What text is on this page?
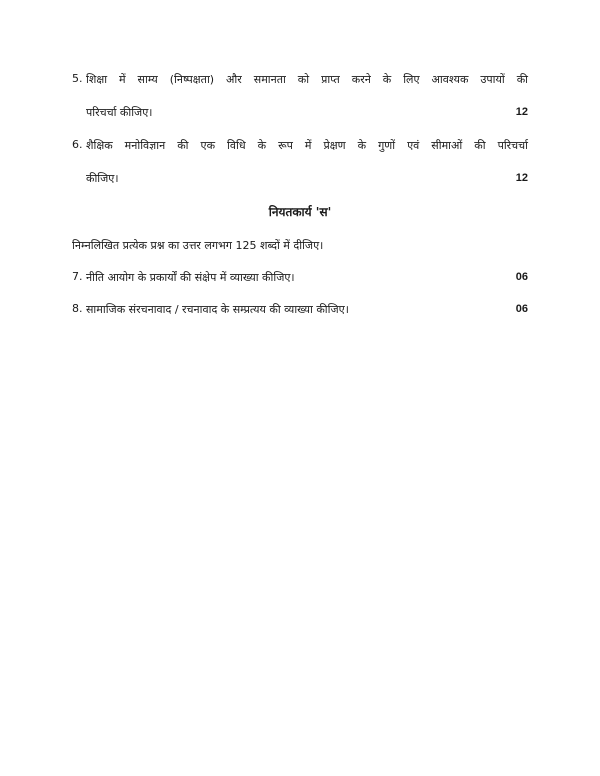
5. शिक्षा में साम्य (निष्पक्षता) और समानता को प्राप्त करने के लिए आवश्यक उपायों की
परिचर्चा कीजिए।	12
6. शैक्षिक मनोविज्ञान की एक विधि के रूप में प्रेक्षण के गुणों एवं सीमाओं की परिचर्चा
कीजिए।	12
नियतकार्य 'स'
निम्नलिखित प्रत्येक प्रश्न का उत्तर लगभग 125 शब्दों में दीजिए।
7. नीति आयोग के प्रकार्यों की संक्षेप में व्याख्या कीजिए।	06
8. सामाजिक संरचनावाद / रचनावाद के सम्प्रत्यय की व्याख्या कीजिए।	06
